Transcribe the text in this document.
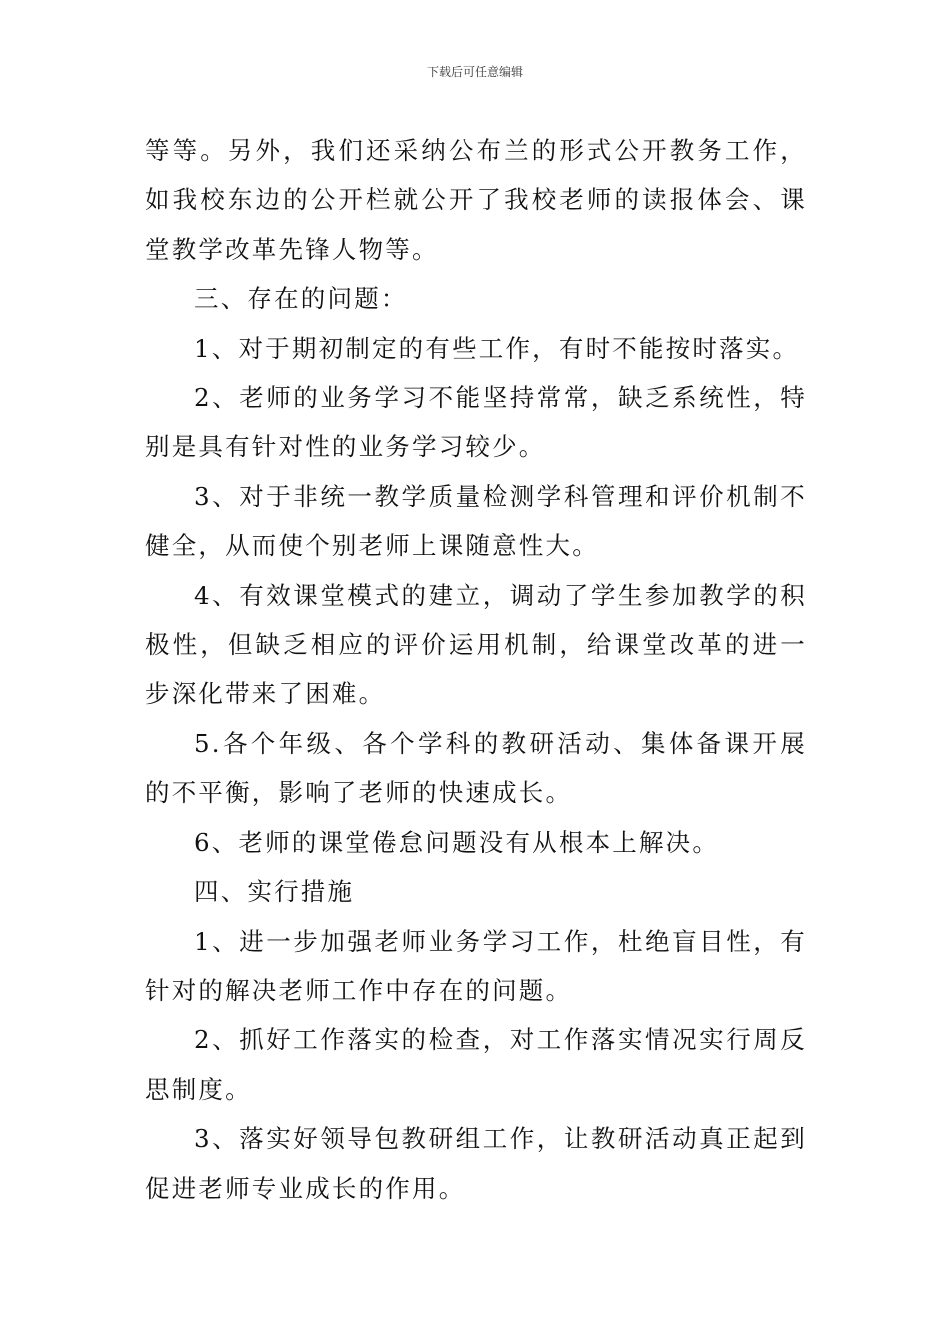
下载后可任意编辑

等等。另外，我们还采纳公布兰的形式公开教务工作，如我校东边的公开栏就公开了我校老师的读报体会、课堂教学改革先锋人物等。

三、存在的问题：

1、对于期初制定的有些工作，有时不能按时落实。

2、老师的业务学习不能坚持常常，缺乏系统性，特别是具有针对性的业务学习较少。

3、对于非统一教学质量检测学科管理和评价机制不健全，从而使个别老师上课随意性大。

4、有效课堂模式的建立，调动了学生参加教学的积极性，但缺乏相应的评价运用机制，给课堂改革的进一步深化带来了困难。

5.各个年级、各个学科的教研活动、集体备课开展的不平衡，影响了老师的快速成长。

6、老师的课堂倦怠问题没有从根本上解决。

四、实行措施

1、进一步加强老师业务学习工作，杜绝盲目性，有针对的解决老师工作中存在的问题。

2、抓好工作落实的检查，对工作落实情况实行周反思制度。

3、落实好领导包教研组工作，让教研活动真正起到促进老师专业成长的作用。
